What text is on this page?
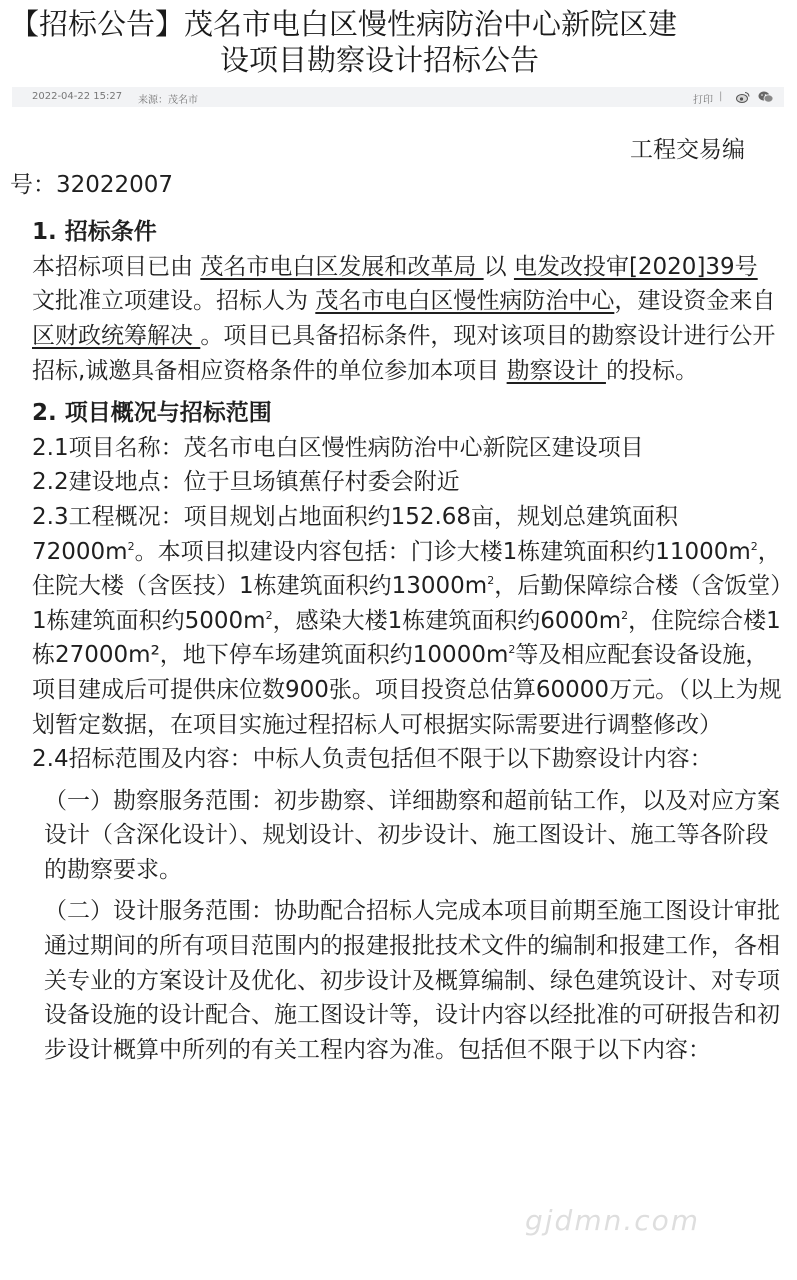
【招标公告】茂名市电白区慢性病防治中心新院区建
设项目勘察设计招标公告
2022-04-22 15:27 来源：茂名市	打印 |

工程交易编

号：32022007

1. 招标条件

本招标项目已由 茂名市电白区发展和改革局 以 电发改投审[2020]39号 文批准立项建设。招标人为 茂名市电白区慢性病防治中心，建设资金来自 区财政统筹解决 。项目已具备招标条件，现对该项目的勘察设计进行公开招标,诚邀具备相应资格条件的单位参加本项目 勘察设计 的投标。

2. 项目概况与招标范围

2.1项目名称：茂名市电白区慢性病防治中心新院区建设项目

2.2建设地点：位于旦场镇蕉仔村委会附近

2.3工程概况：项目规划占地面积约152.68亩，规划总建筑面积$72000m^2$。本项目拟建设内容包括：门诊大楼1栋建筑面积约$11000m^2$，住院大楼（含医技）1栋建筑面积约$13000m^2$，后勤保障综合楼（含饭堂）1栋建筑面积约$5000m^2$，感染大楼1栋建筑面积约$6000m^2$，住院综合楼1栋27000m²，地下停车场建筑面积约$10000m^2$等及相应配套设备设施，项目建成后可提供床位数900张。项目投资总估算60000万元。（以上为规划暂定数据，在项目实施过程招标人可根据实际需要进行调整修改）

2.4招标范围及内容：中标人负责包括但不限于以下勘察设计内容：

（一）勘察服务范围：初步勘察、详细勘察和超前钻工作，以及对应方案设计（含深化设计）、规划设计、初步设计、施工图设计、施工等各阶段的勘察要求。

（二）设计服务范围：协助配合招标人完成本项目前期至施工图设计审批通过期间的所有项目范围内的报建报批技术文件的编制和报建工作，各相关专业的方案设计及优化、初步设计及概算编制、绿色建筑设计、对专项设备设施的设计配合、施工图设计等，设计内容以经批准的可研报告和初步设计概算中所列的有关工程内容为准。包括但不限于以下内容：

gjdmn.com
